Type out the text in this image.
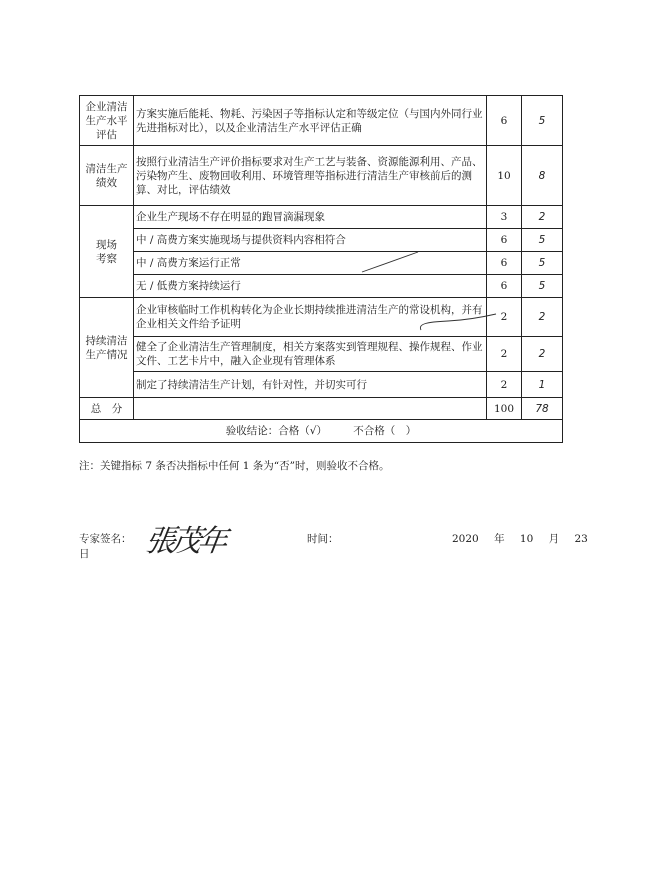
企业清洁
生产水平
评估	方案实施后能耗、物耗、污染因子等指标认定和等级定位（与国内外同行业先进指标对比），以及企业清洁生产水平评估正确	6	5

清洁生产
绩效	按照行业清洁生产评价指标要求对生产工艺与装备、资源能源利用、产品、污染物产生、废物回收利用、环境管理等指标进行清洁生产审核前后的测算、对比，评估绩效	10	8

现场
考察	企业生产现场不存在明显的跑冒滴漏现象	3	2
	中 / 高费方案实施现场与提供资料内容相符合	6	5
	中 / 高费方案运行正常	6	5
	无 / 低费方案持续运行	6	5

持续清洁
生产情况	企业审核临时工作机构转化为企业长期持续推进清洁生产的常设机构，并有企业相关文件给予证明	2	2
	健全了企业清洁生产管理制度，相关方案落实到管理规程、操作规程、作业文件、工艺卡片中，融入企业现有管理体系	2	2
	制定了持续清洁生产计划，有针对性，并切实可行	2	1
总　分		100	78
验收结论：合格（√）　　　不合格（　）			
注：关键指标 7 条否决指标中任何 1 条为“否”时，则验收不合格。
专家签名： 張茂年
日
时间：	2020 年 10 月 23
